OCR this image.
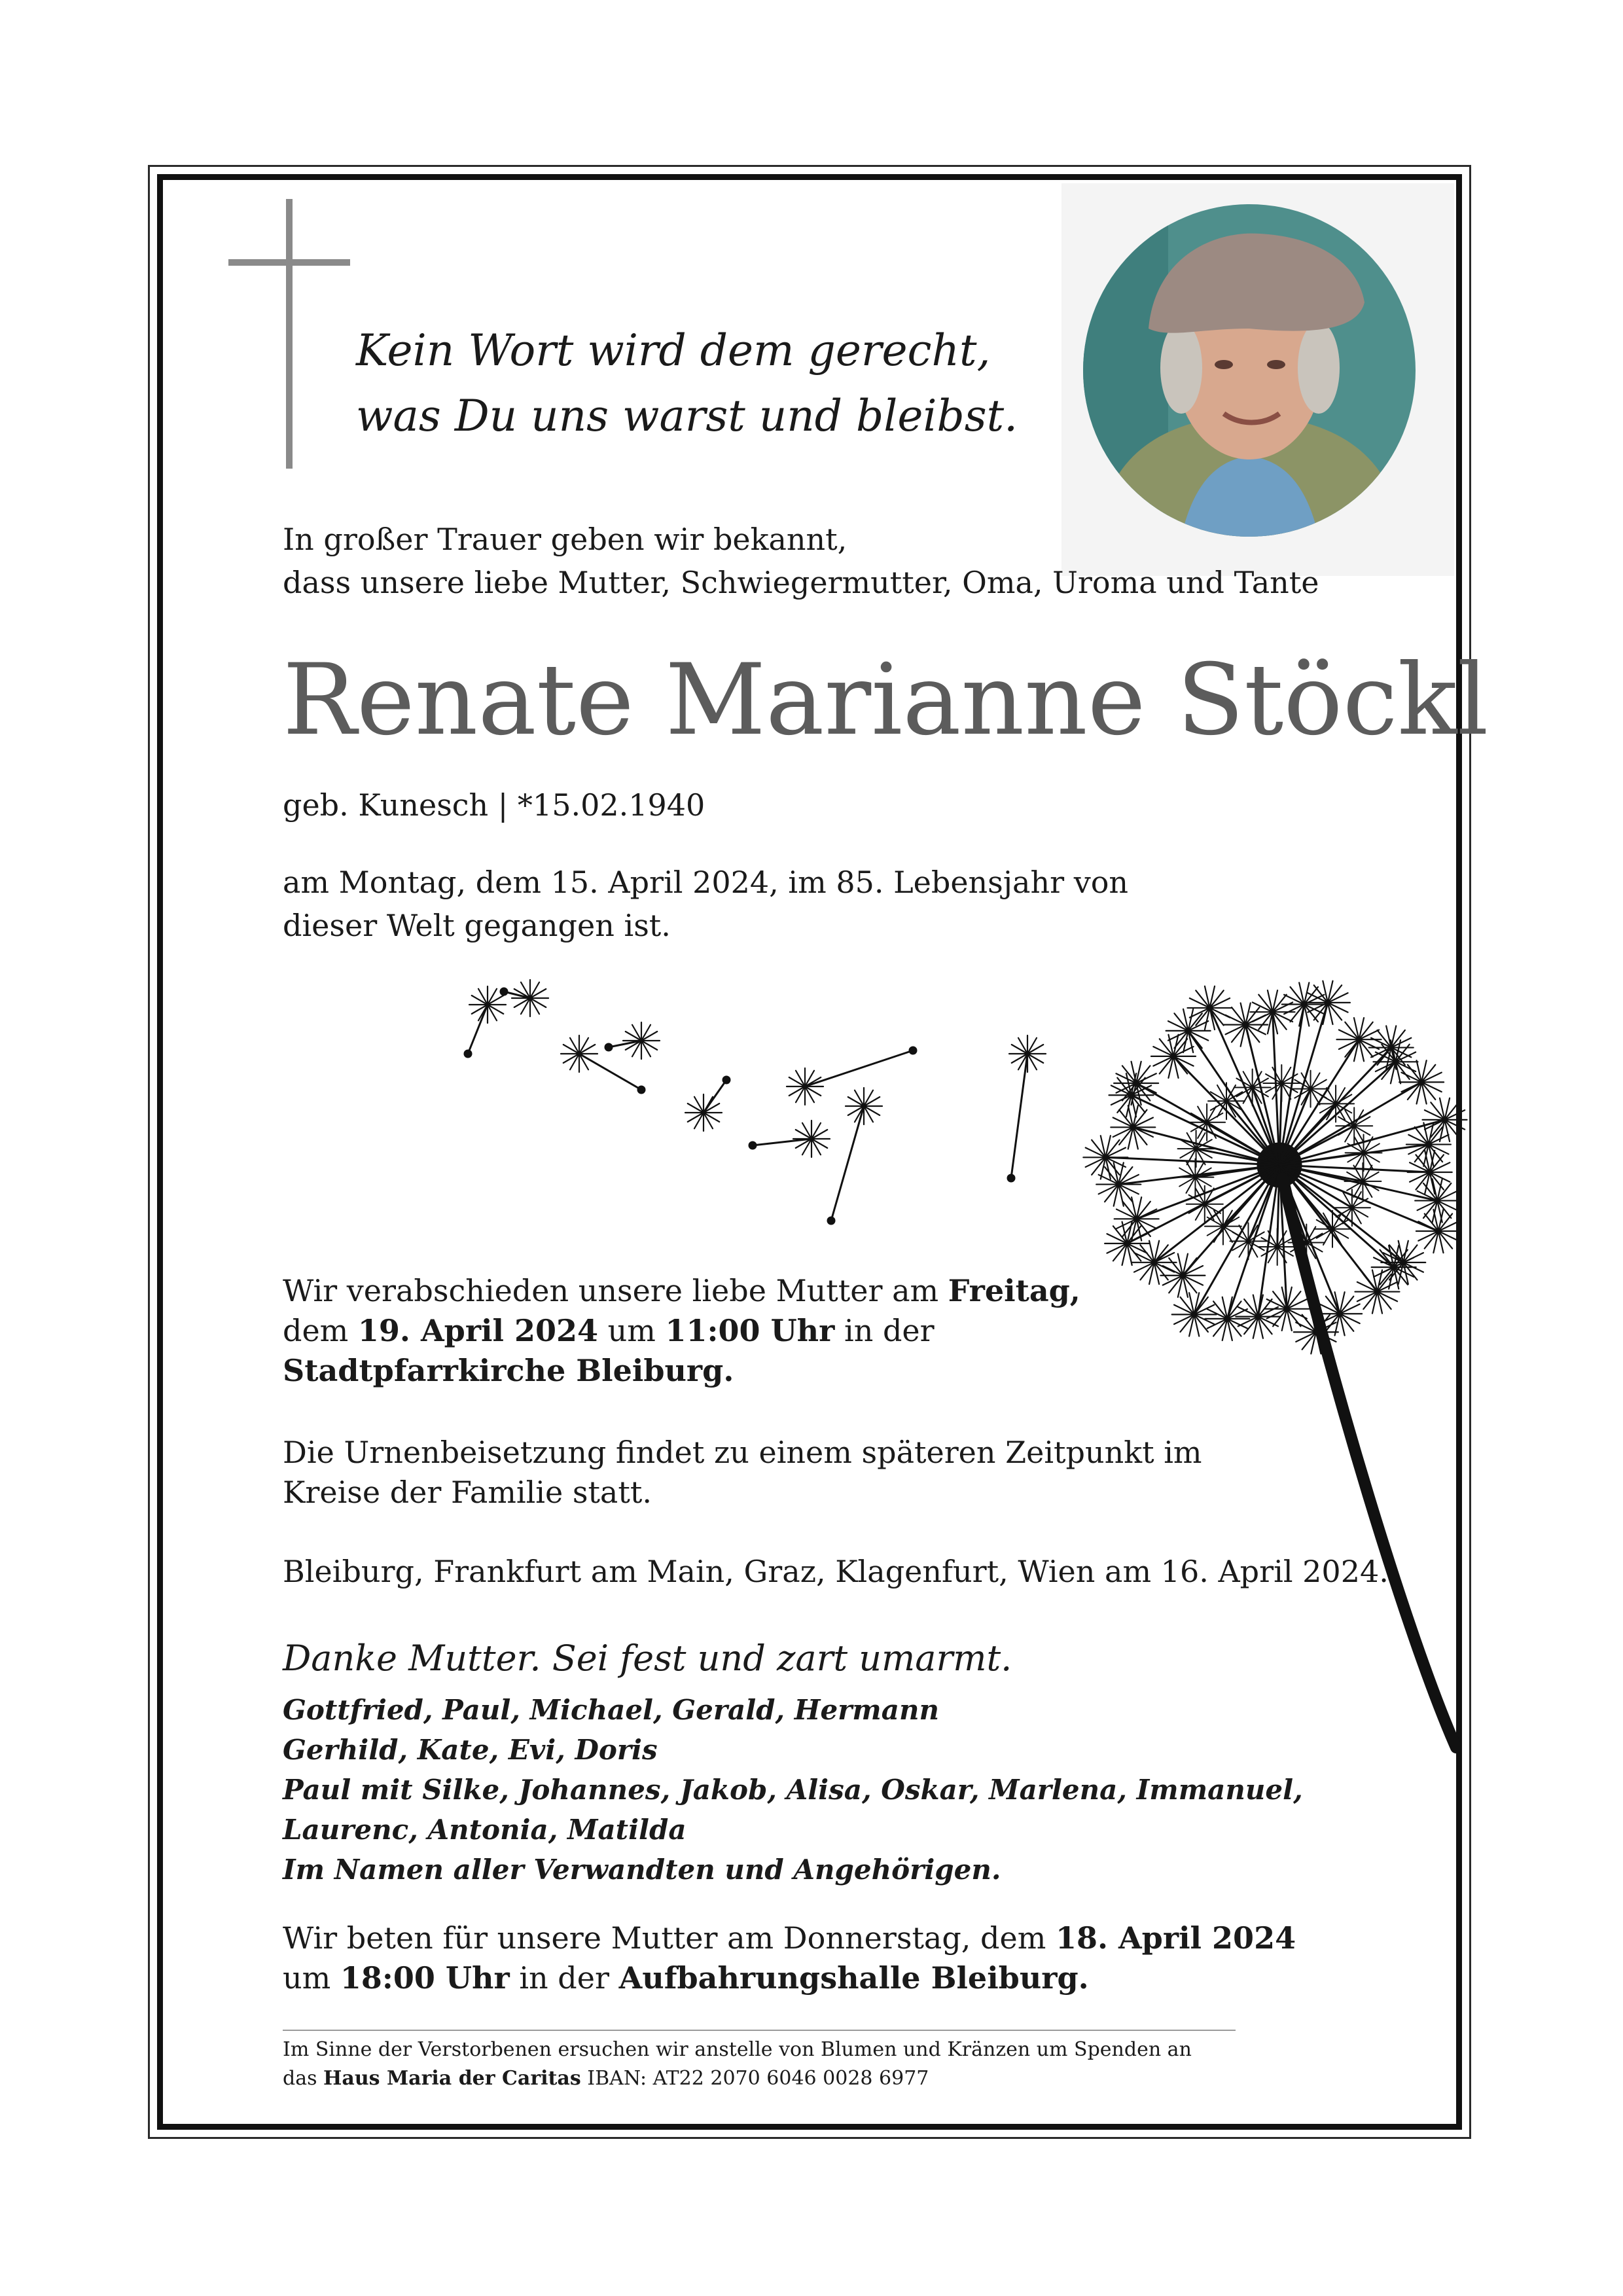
Kein Wort wird dem gerecht,
was Du uns warst und bleibst.
In großer Trauer geben wir bekannt,
dass unsere liebe Mutter, Schwiegermutter, Oma, Uroma und Tante
Renate Marianne Stöckl
geb. Kunesch | *15.02.1940
am Montag, dem 15. April 2024, im 85. Lebensjahr von
dieser Welt gegangen ist.
Wir verabschieden unsere liebe Mutter am Freitag,
dem 19. April 2024 um 11:00 Uhr in der
Stadtpfarrkirche Bleiburg.
Die Urnenbeisetzung findet zu einem späteren Zeitpunkt im
Kreise der Familie statt.
Bleiburg, Frankfurt am Main, Graz, Klagenfurt, Wien am 16. April 2024.
Danke Mutter. Sei fest und zart umarmt.
Gottfried, Paul, Michael, Gerald, Hermann
Gerhild, Kate, Evi, Doris
Paul mit Silke, Johannes, Jakob, Alisa, Oskar, Marlena, Immanuel,
Laurenc, Antonia, Matilda
Im Namen aller Verwandten und Angehörigen.
Wir beten für unsere Mutter am Donnerstag, dem 18. April 2024
um 18:00 Uhr in der Aufbahrungshalle Bleiburg.
Im Sinne der Verstorbenen ersuchen wir anstelle von Blumen und Kränzen um Spenden an
das Haus Maria der Caritas IBAN: AT22 2070 6046 0028 6977
